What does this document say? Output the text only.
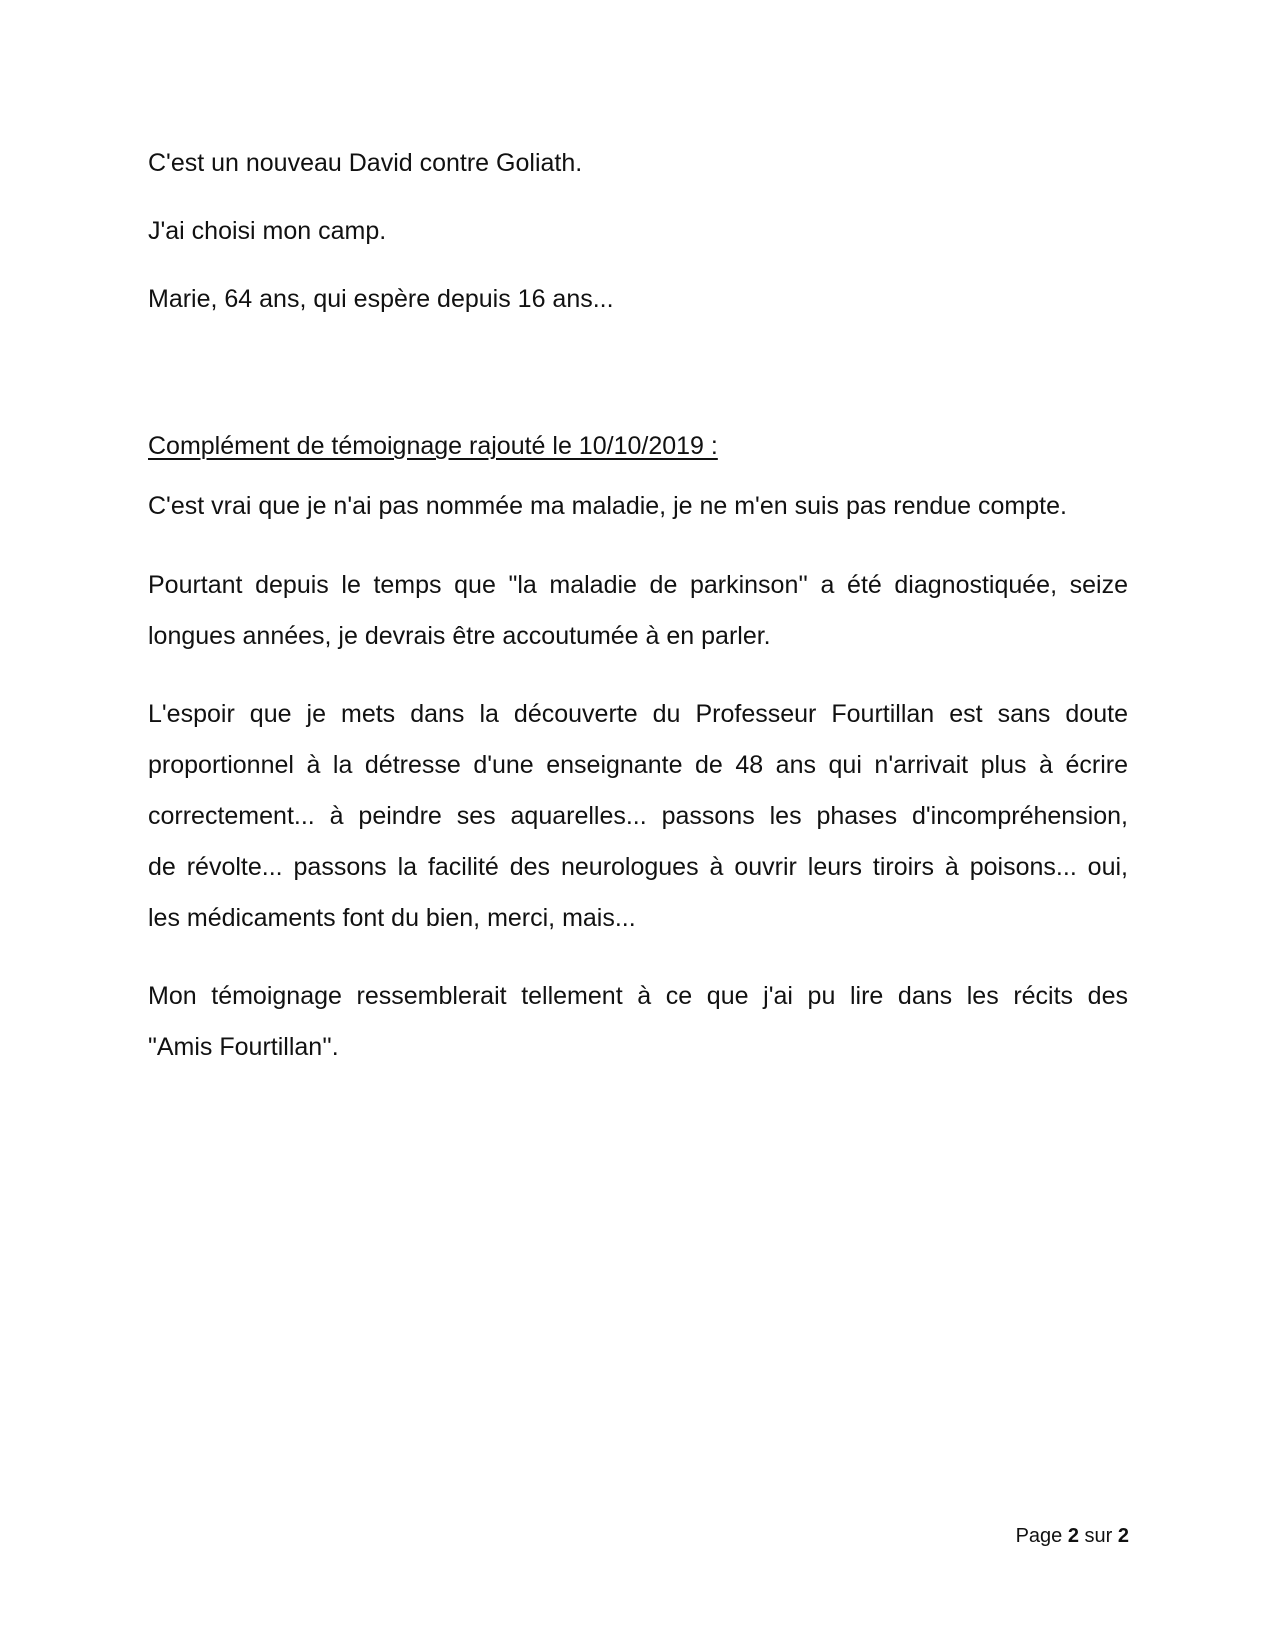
C'est un nouveau David contre Goliath.
J'ai choisi mon camp.
Marie, 64 ans, qui espère depuis 16 ans...
Complément de témoignage rajouté le 10/10/2019 :
C'est vrai que je n'ai pas nommée ma maladie, je ne m'en suis pas rendue compte.
Pourtant depuis le temps que "la maladie de parkinson'' a été diagnostiquée, seize
longues années, je devrais être accoutumée à en parler.
L'espoir que je mets dans la découverte du Professeur Fourtillan est sans doute
proportionnel à la détresse d'une enseignante de 48 ans qui n'arrivait plus à écrire
correctement... à peindre ses aquarelles... passons les phases d'incompréhension,
de révolte... passons la facilité des neurologues à ouvrir leurs tiroirs à poisons... oui,
les médicaments font du bien, merci, mais...
Mon témoignage ressemblerait tellement à ce que j'ai pu lire dans les récits des
"Amis Fourtillan''.
Page 2 sur 2
